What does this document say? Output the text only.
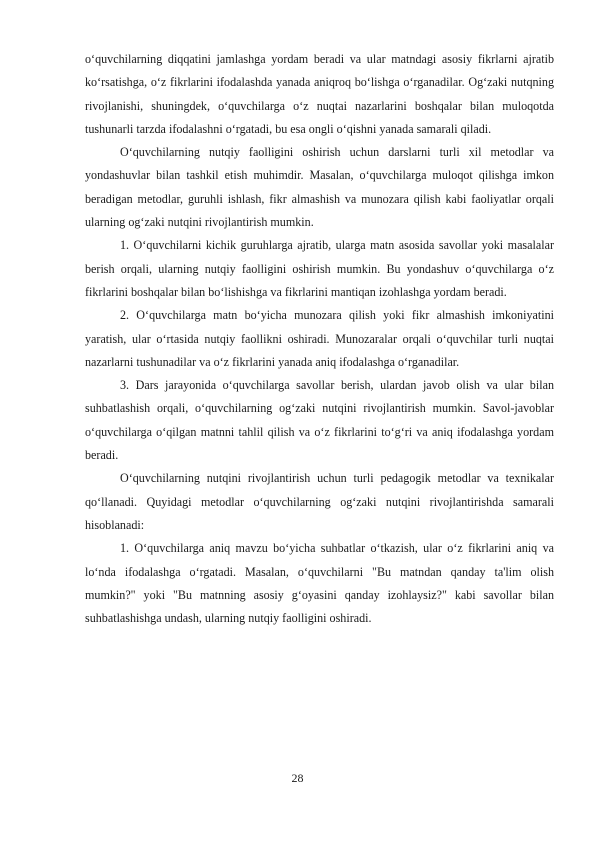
o‘quvchilarning diqqatini jamlashga yordam beradi va ular matndagi asosiy fikrlarni ajratib ko‘rsatishga, o‘z fikrlarini ifodalashda yanada aniqroq bo‘lishga o‘rganadilar. Og‘zaki nutqning rivojlanishi, shuningdek, o‘quvchilarga o‘z nuqtai nazarlarini boshqalar bilan muloqotda tushunarli tarzda ifodalashni o‘rgatadi, bu esa ongli o‘qishni yanada samarali qiladi.

O‘quvchilarning nutqiy faolligini oshirish uchun darslarni turli xil metodlar va yondashuvlar bilan tashkil etish muhimdir. Masalan, o‘quvchilarga muloqot qilishga imkon beradigan metodlar, guruhli ishlash, fikr almashish va munozara qilish kabi faoliyatlar orqali ularning og‘zaki nutqini rivojlantirish mumkin.

1. O‘quvchilarni kichik guruhlarga ajratib, ularga matn asosida savollar yoki masalalar berish orqali, ularning nutqiy faolligini oshirish mumkin. Bu yondashuv o‘quvchilarga o‘z fikrlarini boshqalar bilan bo‘lishishga va fikrlarini mantiqan izohlashga yordam beradi.

2. O‘quvchilarga matn bo‘yicha munozara qilish yoki fikr almashish imkoniyatini yaratish, ular o‘rtasida nutqiy faollikni oshiradi. Munozaralar orqali o‘quvchilar turli nuqtai nazarlarni tushunadilar va o‘z fikrlarini yanada aniq ifodalashga o‘rganadilar.

3. Dars jarayonida o‘quvchilarga savollar berish, ulardan javob olish va ular bilan suhbatlashish orqali, o‘quvchilarning og‘zaki nutqini rivojlantirish mumkin. Savol-javoblar o‘quvchilarga o‘qilgan matnni tahlil qilish va o‘z fikrlarini to‘g‘ri va aniq ifodalashga yordam beradi.

O‘quvchilarning nutqini rivojlantirish uchun turli pedagogik metodlar va texnikalar qo‘llanadi. Quyidagi metodlar o‘quvchilarning og‘zaki nutqini rivojlantirishda samarali hisoblanadi:

1. O‘quvchilarga aniq mavzu bo‘yicha suhbatlar o‘tkazish, ular o‘z fikrlarini aniq va lo‘nda ifodalashga o‘rgatadi. Masalan, o‘quvchilarni "Bu matndan qanday ta'lim olish mumkin?" yoki "Bu matnning asosiy g‘oyasini qanday izohlaysiz?" kabi savollar bilan suhbatlashishga undash, ularning nutqiy faolligini oshiradi.

28
